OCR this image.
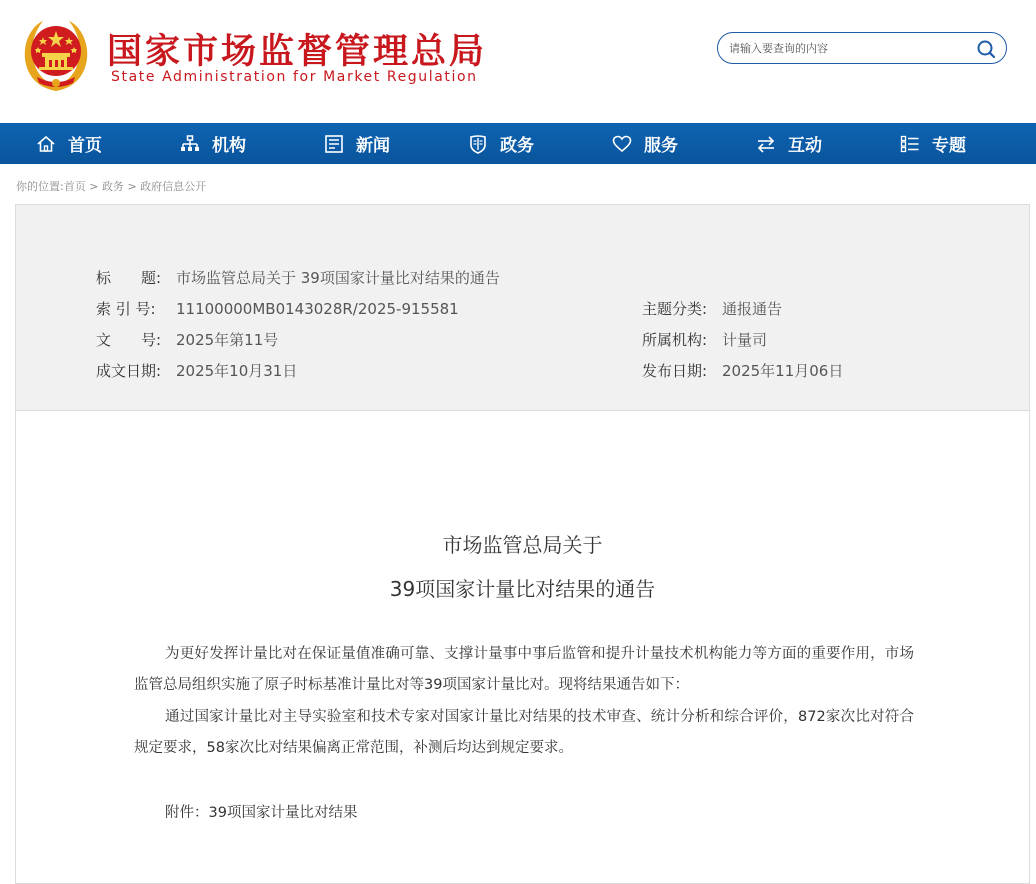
国家市场监督管理总局
State Administration for Market Regulation
请输入要查询的内容
首页	机构	新闻	政务	服务	互动	专题
你的位置:首页 > 政务 > 政府信息公开
标　　题: 市场监管总局关于 39项国家计量比对结果的通告
索 引 号: 11100000MB0143028R/2025-915581	主题分类: 通报通告
文　　号: 2025年第11号	所属机构: 计量司
成文日期: 2025年10月31日	发布日期: 2025年11月06日
市场监管总局关于
39项国家计量比对结果的通告
为更好发挥计量比对在保证量值准确可靠、支撑计量事中事后监管和提升计量技术机构能力等方面的重要作用，市场监管总局组织实施了原子时标基准计量比对等39项国家计量比对。现将结果通告如下：
通过国家计量比对主导实验室和技术专家对国家计量比对结果的技术审查、统计分析和综合评价，872家次比对符合规定要求，58家次比对结果偏离正常范围，补测后均达到规定要求。
附件：39项国家计量比对结果
